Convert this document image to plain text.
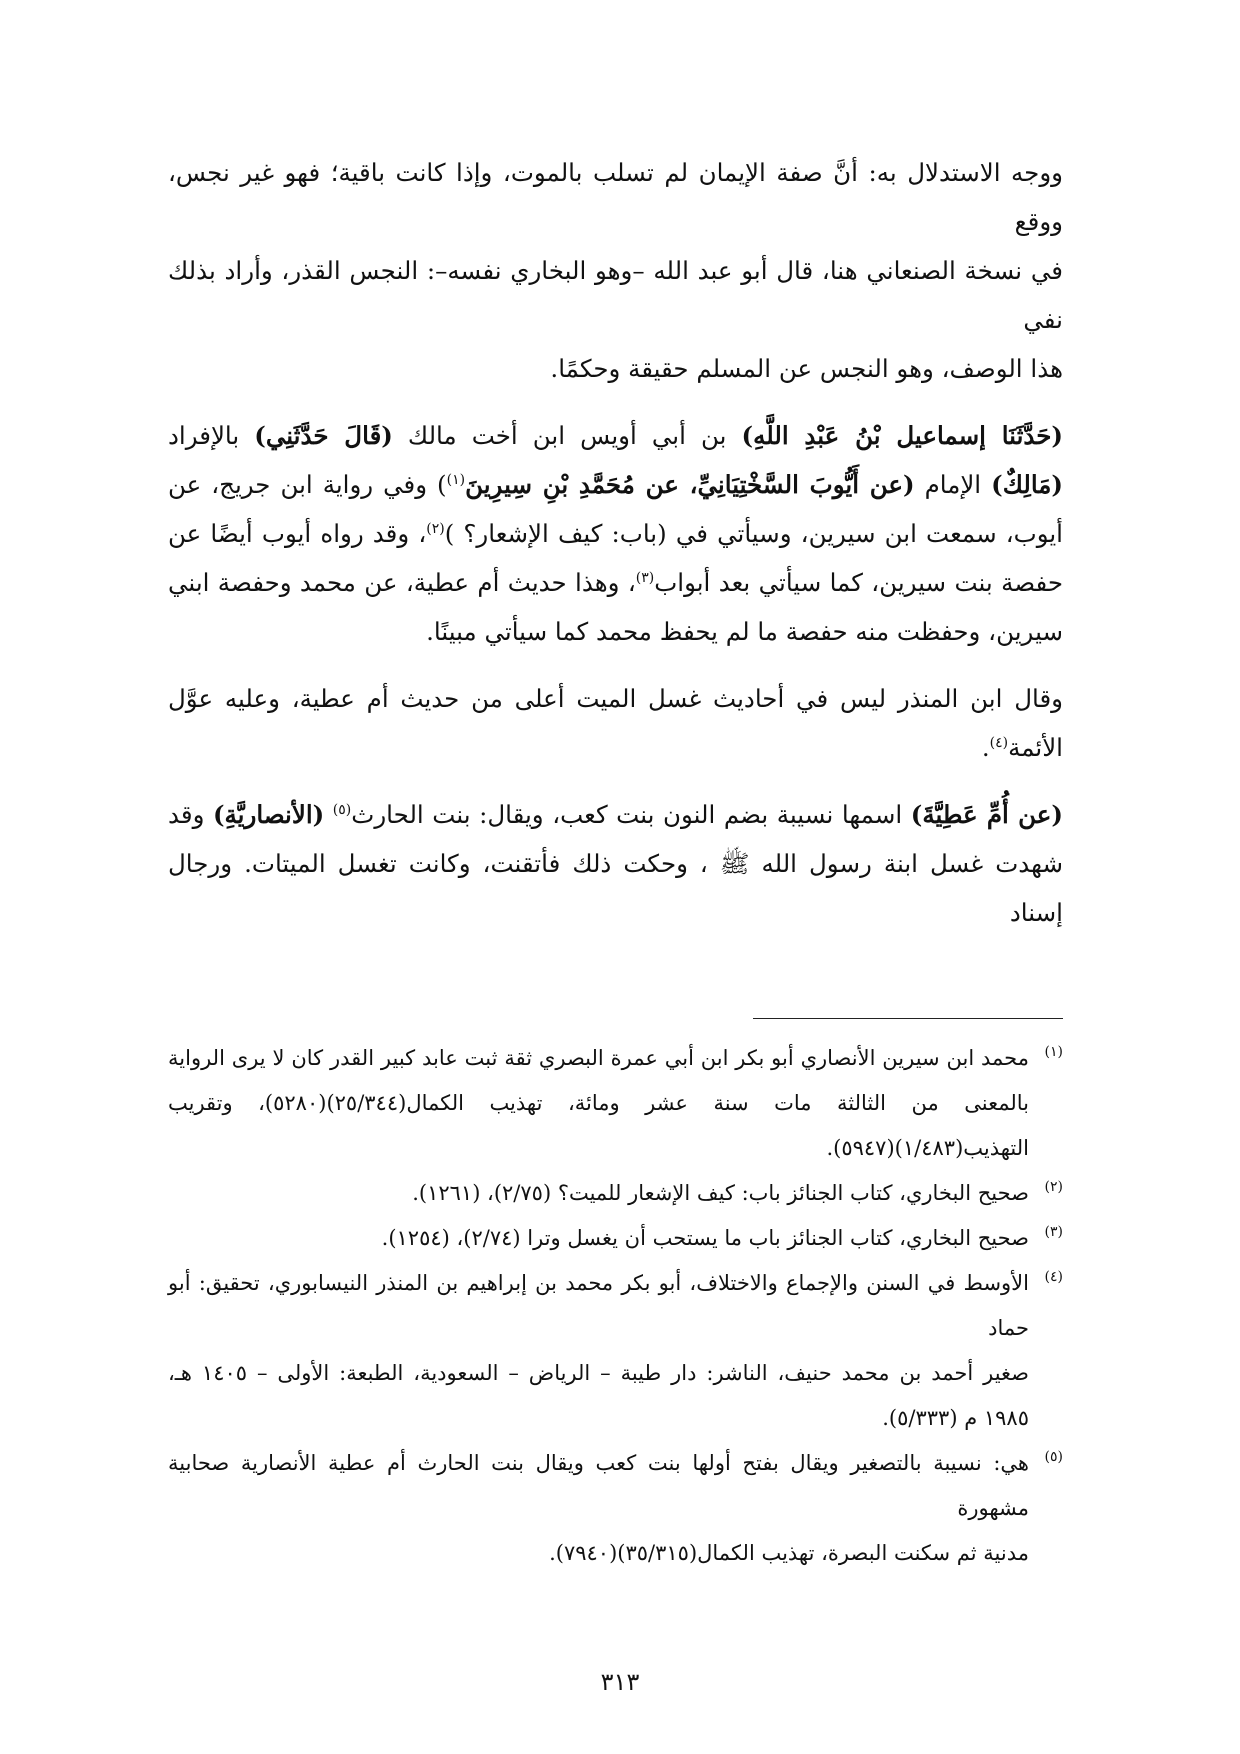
ووجه الاستدلال به: أنَّ صفة الإيمان لم تسلب بالموت، وإذا كانت باقية؛ فهو غير نجس، ووقع
في نسخة الصنعاني هنا، قال أبو عبد الله –وهو البخاري نفسه–: النجس القذر، وأراد بذلك نفي
هذا الوصف، وهو النجس عن المسلم حقيقة وحكمًا.
(حَدَّثَنَا إسماعيل بْنُ عَبْدِ اللَّهِ) بن أبي أويس ابن أخت مالك (قَالَ حَدَّثَنِي) بالإفراد
(مَالِكٌ) الإمام (عن أَيُّوبَ السَّخْتِيَانِيِّ، عن مُحَمَّدِ بْنِ سِيرِينَ$^{(١)}$) وفي رواية ابن جريج، عن
أيوب، سمعت ابن سيرين، وسيأتي في (باب: كيف الإشعار؟ )$^{(٢)}$، وقد رواه أيوب أيضًا عن
حفصة بنت سيرين، كما سيأتي بعد أبواب$^{(٣)}$، وهذا حديث أم عطية، عن محمد وحفصة ابني
سيرين، وحفظت منه حفصة ما لم يحفظ محمد كما سيأتي مبينًا.
وقال ابن المنذر ليس في أحاديث غسل الميت أعلى من حديث أم عطية، وعليه عوَّل
الأئمة$^{(٤)}$.
(عن أُمِّ عَطِيَّةَ) اسمها نسيبة بضم النون بنت كعب، ويقال: بنت الحارث$^{(٥)}$ (الأنصاريَّةِ) وقد
شهدت غسل ابنة رسول الله ﷺ ، وحكت ذلك فأتقنت، وكانت تغسل الميتات. ورجال إسناد
(١)
محمد ابن سيرين الأنصاري أبو بكر ابن أبي عمرة البصري ثقة ثبت عابد كبير القدر كان لا يرى الرواية
بالمعنى من الثالثة مات سنة عشر ومائة، تهذيب الكمال(٢٥/٣٤٤)(٥٢٨٠)، وتقريب
التهذيب(١/٤٨٣)(٥٩٤٧).
(٢)
صحيح البخاري، كتاب الجنائز باب: كيف الإشعار للميت؟ (٢/٧٥)، (١٢٦١).
(٣)
صحيح البخاري، كتاب الجنائز باب ما يستحب أن يغسل وترا (٢/٧٤)، (١٢٥٤).
(٤)
الأوسط في السنن والإجماع والاختلاف، أبو بكر محمد بن إبراهيم بن المنذر النيسابوري، تحقيق: أبو حماد
صغير أحمد بن محمد حنيف، الناشر: دار طيبة – الرياض – السعودية، الطبعة: الأولى – ١٤٠٥ هـ،
١٩٨٥ م (٥/٣٣٣).
(٥)
هي: نسيبة بالتصغير ويقال بفتح أولها بنت كعب ويقال بنت الحارث أم عطية الأنصارية صحابية مشهورة
مدنية ثم سكنت البصرة، تهذيب الكمال(٣٥/٣١٥)(٧٩٤٠).
٣١٣
